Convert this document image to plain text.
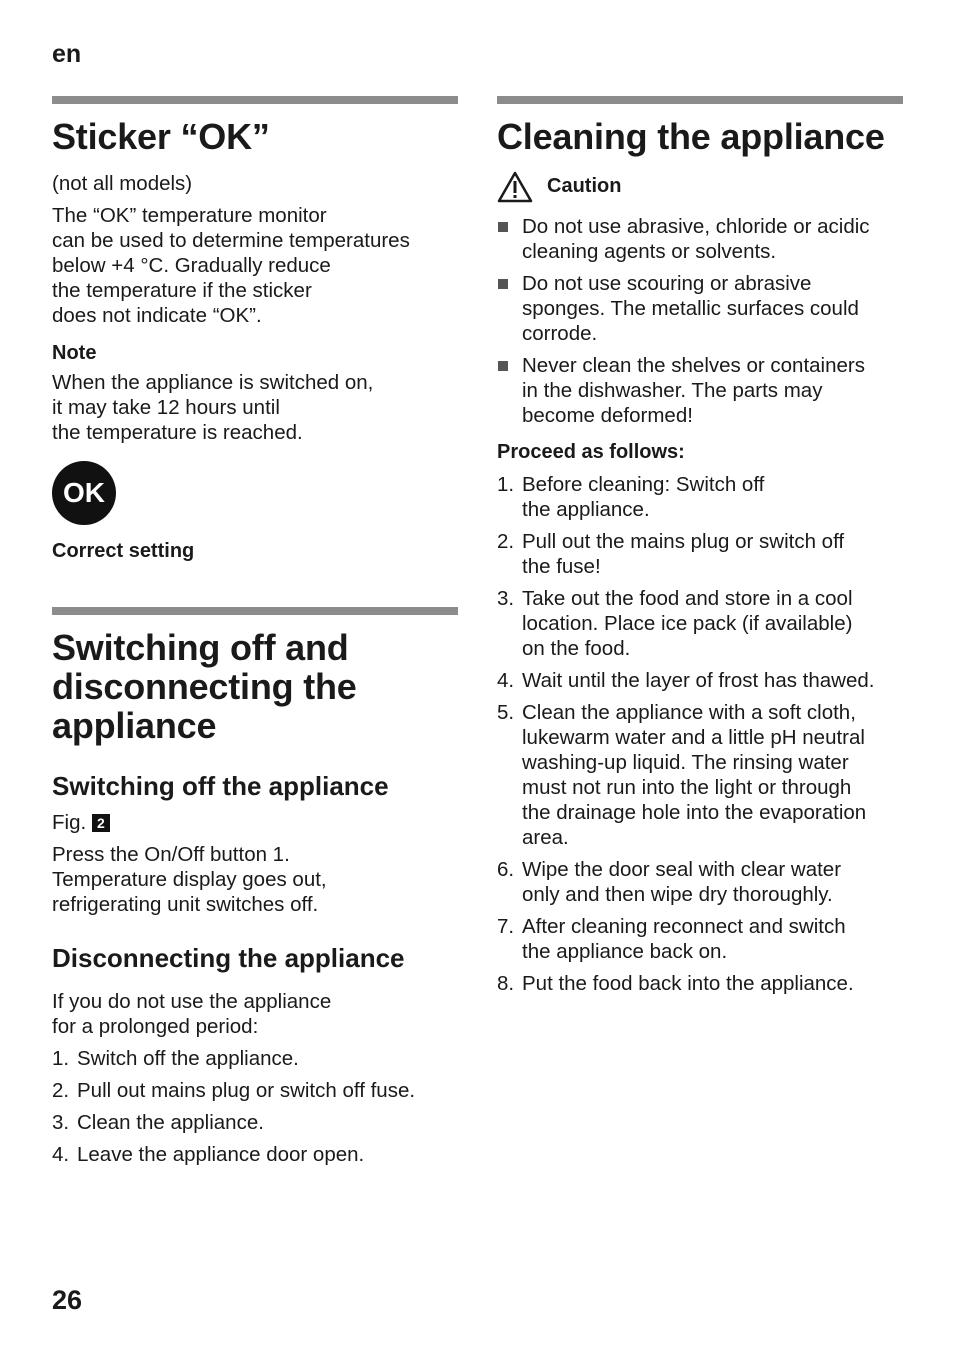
en
Sticker “OK”

(not all models)

The “OK” temperature monitor
can be used to determine temperatures
below +4 °C. Gradually reduce
the temperature if the sticker
does not indicate “OK”.

Note

When the appliance is switched on,
it may take 12 hours until
the temperature is reached.

OK
Correct setting
Switching off and
disconnecting the
appliance
Switching off the appliance

Fig. 2

Press the On/Off button 1.
Temperature display goes out,
refrigerating unit switches off.

Disconnecting the appliance

If you do not use the appliance
for a prolonged period:

1. Switch off the appliance.
2. Pull out mains plug or switch off fuse.
3. Clean the appliance.
4. Leave the appliance door open.
Cleaning the appliance
Caution
Do not use abrasive, chloride or acidic
cleaning agents or solvents.
Do not use scouring or abrasive
sponges. The metallic surfaces could
corrode.
Never clean the shelves or containers
in the dishwasher. The parts may
become deformed!
Proceed as follows:
1. Before cleaning: Switch off
the appliance.
2. Pull out the mains plug or switch off
the fuse!
3. Take out the food and store in a cool
location. Place ice pack (if available)
on the food.
4. Wait until the layer of frost has thawed.
5. Clean the appliance with a soft cloth,
lukewarm water and a little pH neutral
washing-up liquid. The rinsing water
must not run into the light or through
the drainage hole into the evaporation
area.
6. Wipe the door seal with clear water
only and then wipe dry thoroughly.
7. After cleaning reconnect and switch
the appliance back on.
8. Put the food back into the appliance.
26
